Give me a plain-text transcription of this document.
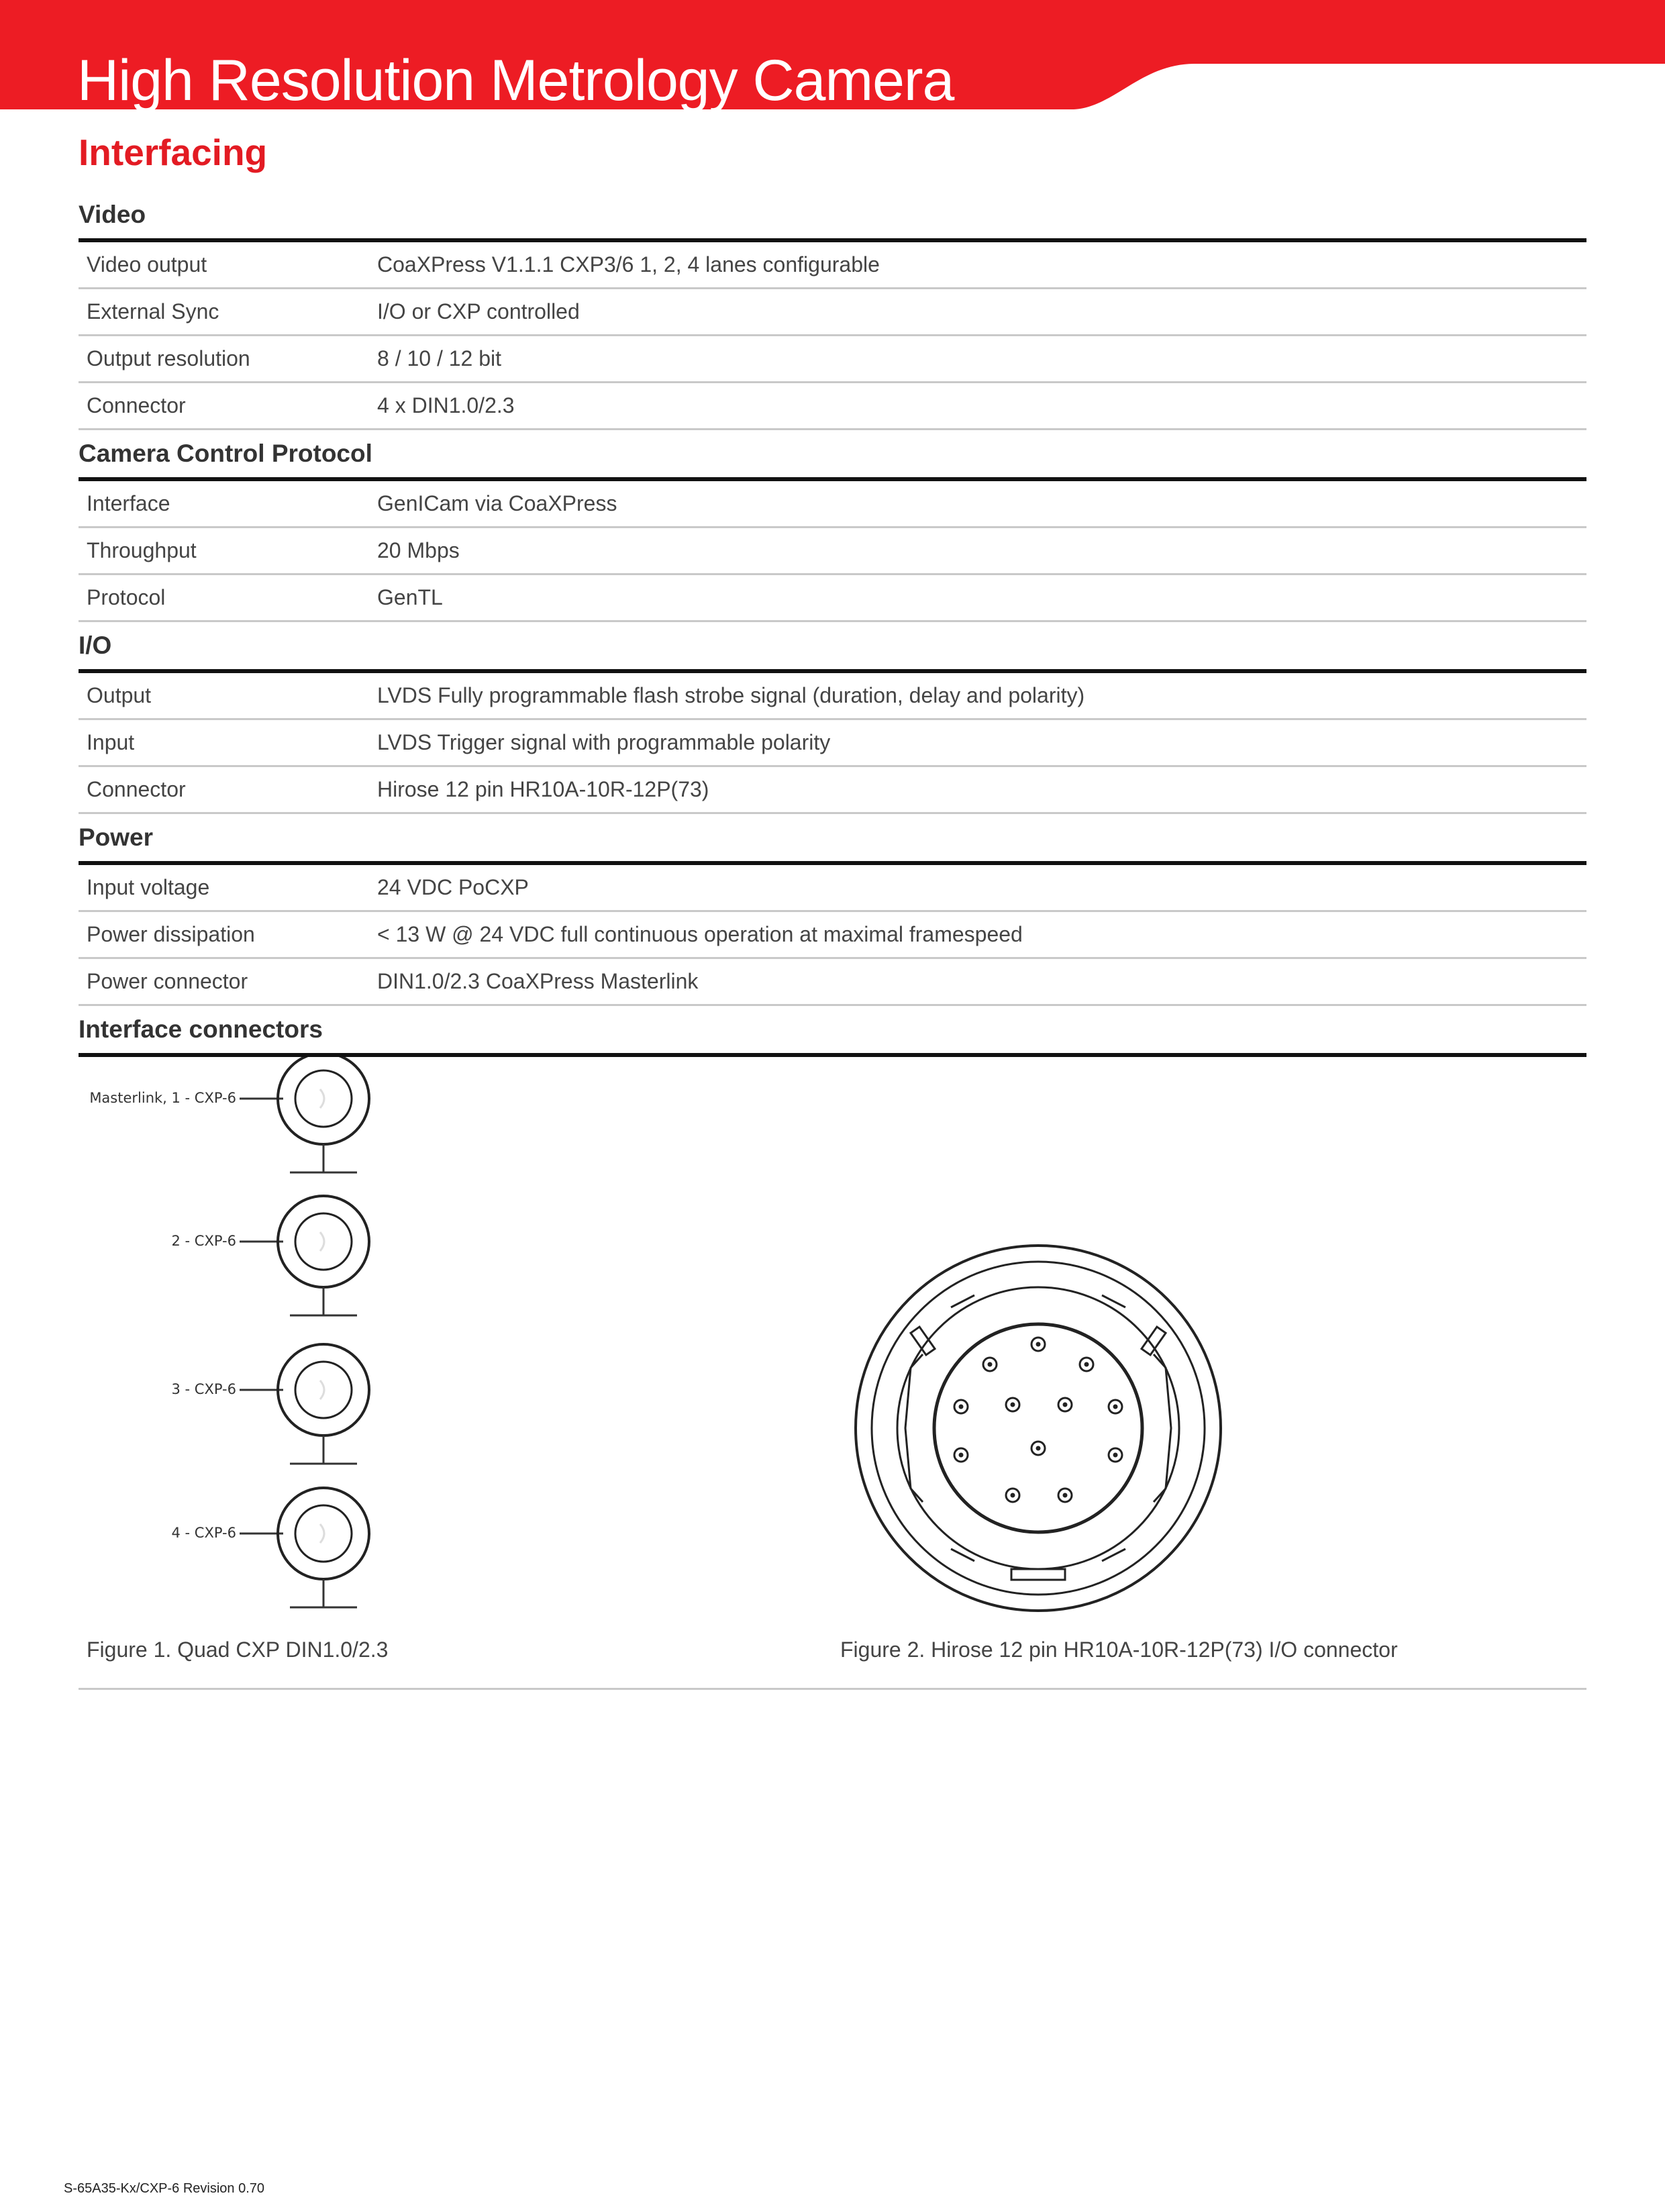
High Resolution Metrology Camera
Interfacing
Video
Video output	CoaXPress V1.1.1 CXP3/6 1, 2, 4 lanes configurable
External Sync	I/O or CXP controlled
Output resolution	8 / 10 / 12 bit
Connector	4 x DIN1.0/2.3
Camera Control Protocol
Interface	GenICam via CoaXPress
Throughput	20 Mbps
Protocol	GenTL
I/O
Output	LVDS Fully programmable flash strobe signal (duration, delay and polarity)
Input	LVDS Trigger signal with programmable polarity
Connector	Hirose 12 pin HR10A-10R-12P(73)
Power
Input voltage	24 VDC PoCXP
Power dissipation	< 13 W @ 24 VDC full continuous operation at maximal framespeed
Power connector	DIN1.0/2.3 CoaXPress Masterlink
Interface connectors
Masterlink, 1 - CXP-6
2 - CXP-6
3 - CXP-6
4 - CXP-6
Figure 1. Quad CXP DIN1.0/2.3	Figure 2. Hirose 12 pin HR10A-10R-12P(73) I/O connector
S-65A35-Kx/CXP-6 Revision 0.70
